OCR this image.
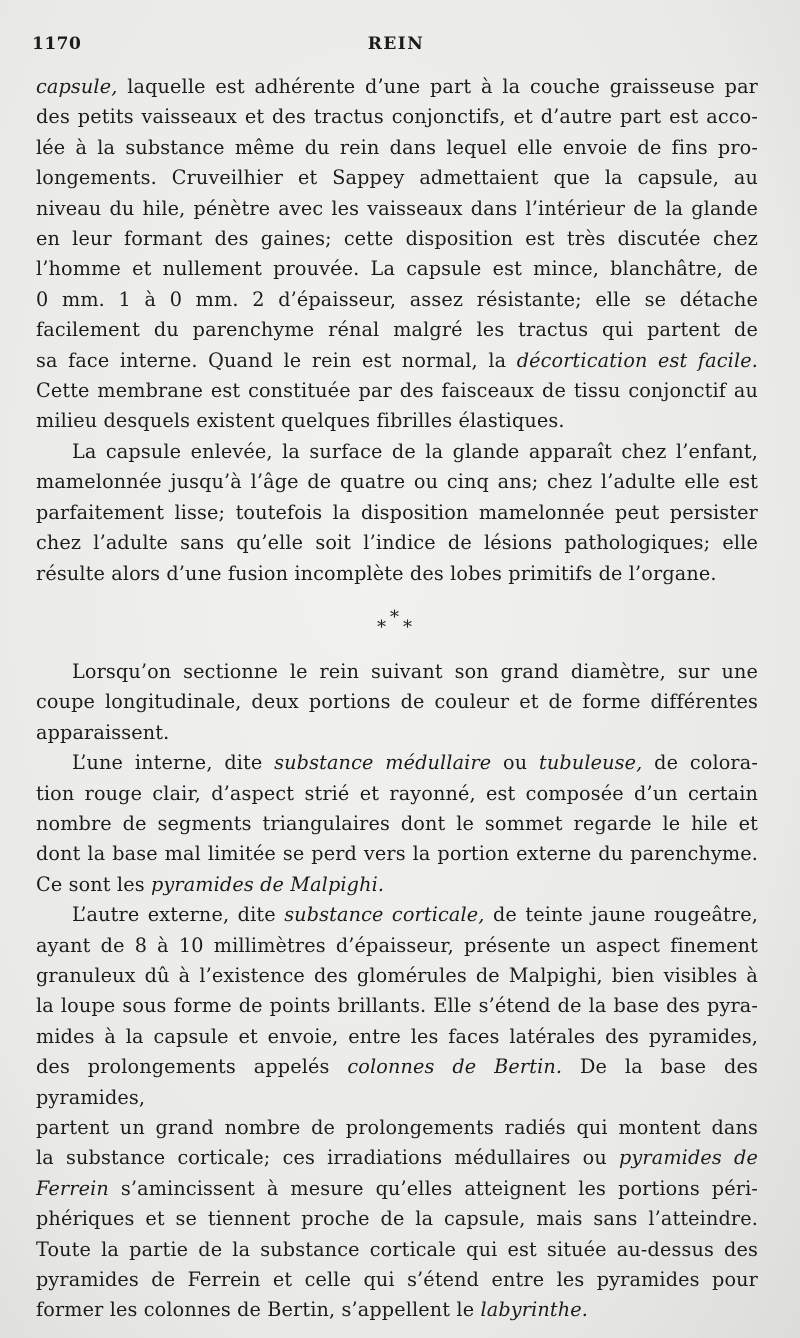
1170	REIN
capsule, laquelle est adhérente d’une part à la couche graisseuse par
des petits vaisseaux et des tractus conjonctifs, et d’autre part est acco-
lée à la substance même du rein dans lequel elle envoie de fins pro-
longements. Cruveilhier et Sappey admettaient que la capsule, au
niveau du hile, pénètre avec les vaisseaux dans l’intérieur de la glande
en leur formant des gaines; cette disposition est très discutée chez
l’homme et nullement prouvée. La capsule est mince, blanchâtre, de
0 mm. 1 à 0 mm. 2 d’épaisseur, assez résistante; elle se détache
facilement du parenchyme rénal malgré les tractus qui partent de
sa face interne. Quand le rein est normal, la décortication est facile.
Cette membrane est constituée par des faisceaux de tissu conjonctif au
milieu desquels existent quelques fibrilles élastiques.
La capsule enlevée, la surface de la glande apparaît chez l’enfant,
mamelonnée jusqu’à l’âge de quatre ou cinq ans; chez l’adulte elle est
parfaitement lisse; toutefois la disposition mamelonnée peut persister
chez l’adulte sans qu’elle soit l’indice de lésions pathologiques; elle
résulte alors d’une fusion incomplète des lobes primitifs de l’organe.
*
* *
Lorsqu’on sectionne le rein suivant son grand diamètre, sur une
coupe longitudinale, deux portions de couleur et de forme différentes
apparaissent.
L’une interne, dite substance médullaire ou tubuleuse, de colora-
tion rouge clair, d’aspect strié et rayonné, est composée d’un certain
nombre de segments triangulaires dont le sommet regarde le hile et
dont la base mal limitée se perd vers la portion externe du parenchyme.
Ce sont les pyramides de Malpighi.
L’autre externe, dite substance corticale, de teinte jaune rougeâtre,
ayant de 8 à 10 millimètres d’épaisseur, présente un aspect finement
granuleux dû à l’existence des glomérules de Malpighi, bien visibles à
la loupe sous forme de points brillants. Elle s’étend de la base des pyra-
mides à la capsule et envoie, entre les faces latérales des pyramides,
des prolongements appelés colonnes de Bertin. De la base des pyramides,
partent un grand nombre de prolongements radiés qui montent dans
la substance corticale; ces irradiations médullaires ou pyramides de
Ferrein s’amincissent à mesure qu’elles atteignent les portions péri-
phériques et se tiennent proche de la capsule, mais sans l’atteindre.
Toute la partie de la substance corticale qui est située au-dessus des
pyramides de Ferrein et celle qui s’étend entre les pyramides pour
former les colonnes de Bertin, s’appellent le labyrinthe.
